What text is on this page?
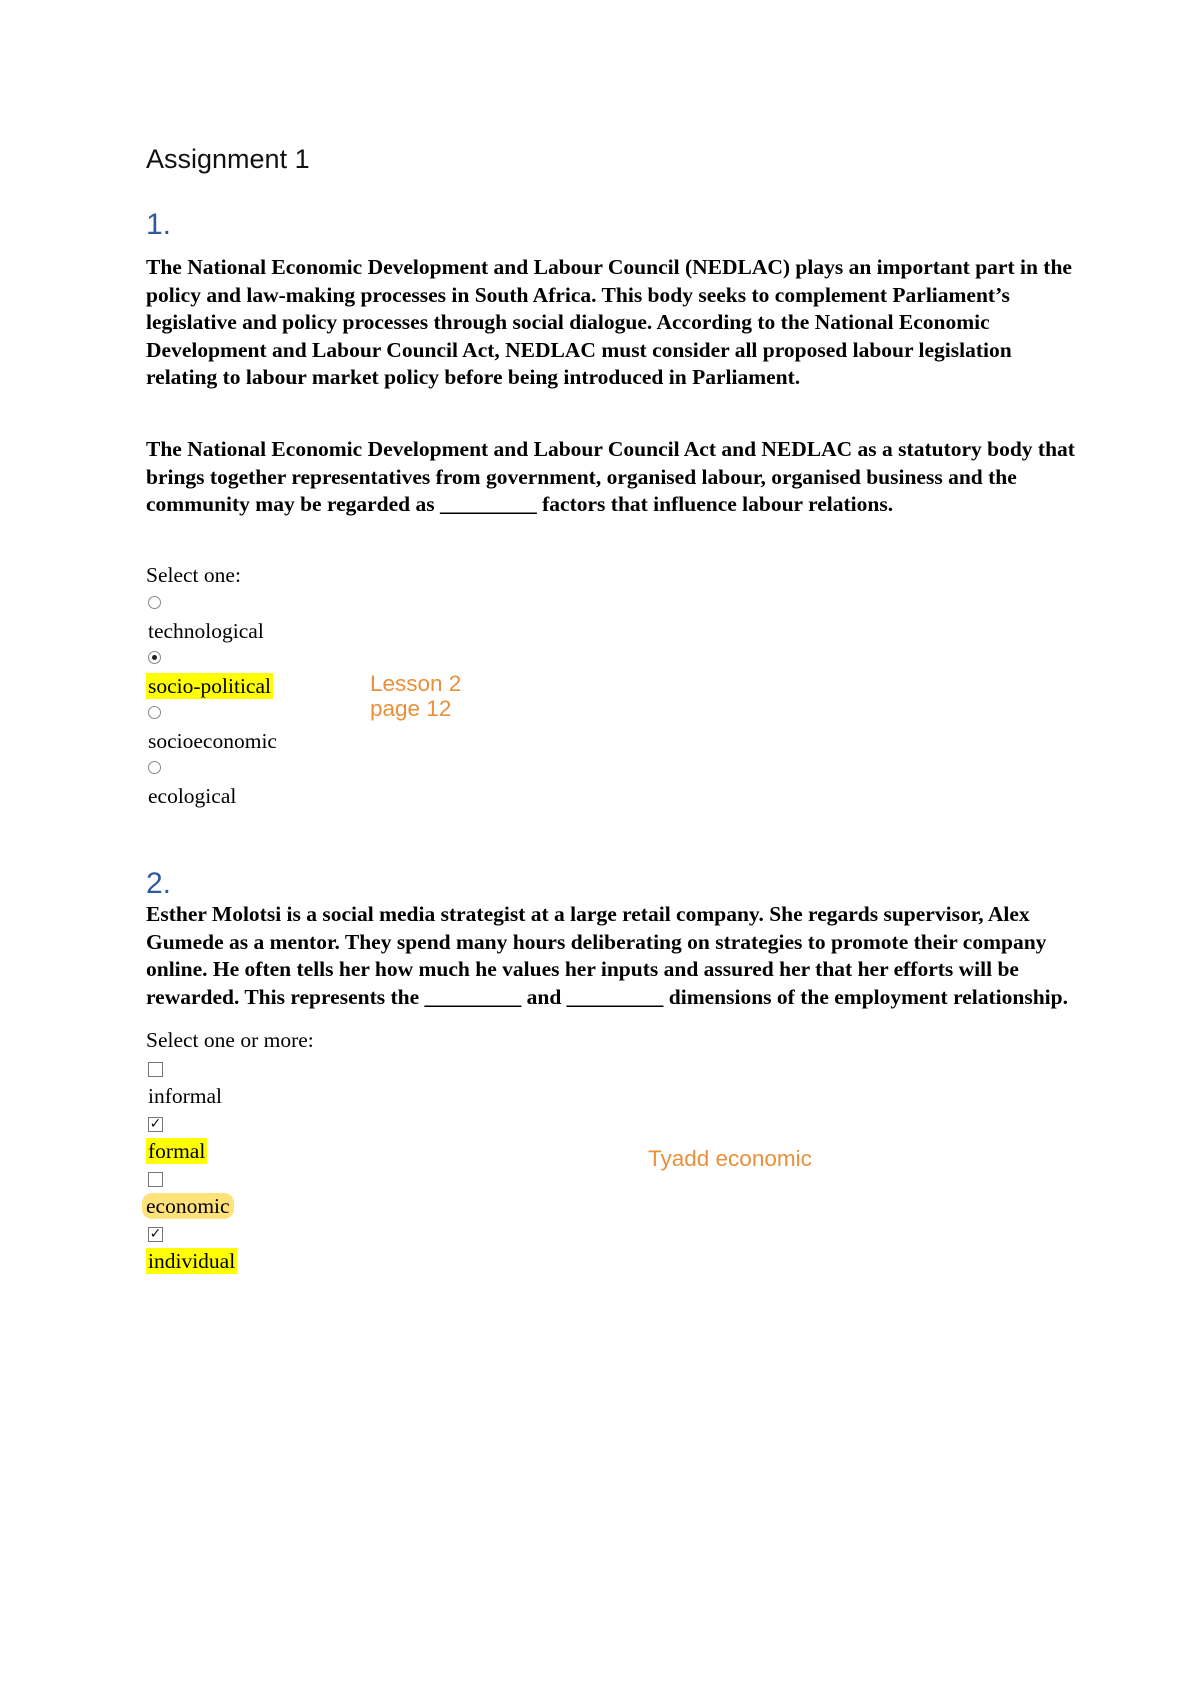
Assignment 1
1.

The National Economic Development and Labour Council (NEDLAC) plays an important part in the policy and law-making processes in South Africa. This body seeks to complement Parliament’s legislative and policy processes through social dialogue. According to the National Economic Development and Labour Council Act, NEDLAC must consider all proposed labour legislation relating to labour market policy before being introduced in Parliament.

The National Economic Development and Labour Council Act and NEDLAC as a statutory body that brings together representatives from government, organised labour, organised business and the community may be regarded as _________ factors that influence labour relations.

Select one:

technological

socio-political

socioeconomic

ecological

Lesson 2
page 12
2.

Esther Molotsi is a social media strategist at a large retail company. She regards supervisor, Alex Gumede as a mentor. They spend many hours deliberating on strategies to promote their company online. He often tells her how much he values her inputs and assured her that her efforts will be rewarded. This represents the _________ and _________ dimensions of the employment relationship.

Select one or more:

informal

✓

formal

economic

✓

individual

Tyadd economic
